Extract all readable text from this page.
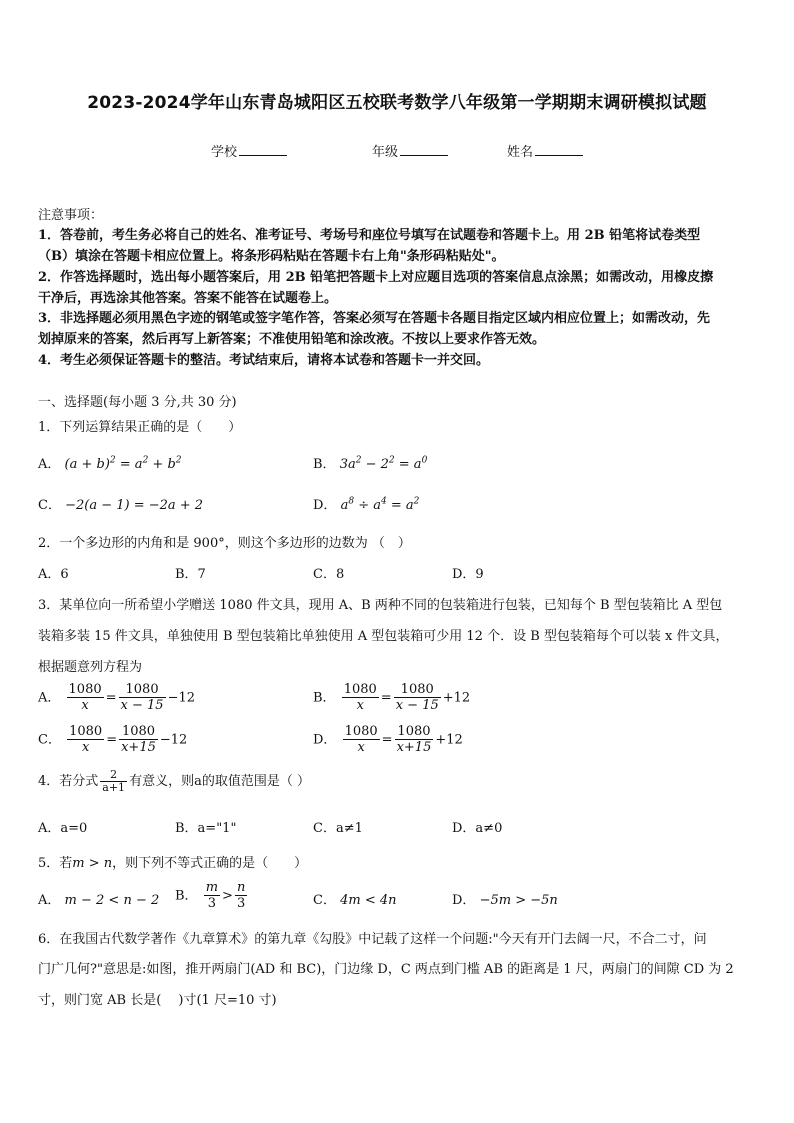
2023-2024学年山东青岛城阳区五校联考数学八年级第一学期期末调研模拟试题
学校	年级	姓名
注意事项：
1．答卷前，考生务必将自己的姓名、准考证号、考场号和座位号填写在试题卷和答题卡上。用 2B 铅笔将试卷类型
（B）填涂在答题卡相应位置上。将条形码粘贴在答题卡右上角"条形码粘贴处"。
2．作答选择题时，选出每小题答案后，用 2B 铅笔把答题卡上对应题目选项的答案信息点涂黑；如需改动，用橡皮擦
干净后，再选涂其他答案。答案不能答在试题卷上。
3．非选择题必须用黑色字迹的钢笔或签字笔作答，答案必须写在答题卡各题目指定区域内相应位置上；如需改动，先
划掉原来的答案，然后再写上新答案；不准使用铅笔和涂改液。不按以上要求作答无效。
4．考生必须保证答题卡的整洁。考试结束后，请将本试卷和答题卡一并交回。
一、选择题(每小题 3 分,共 30 分)
1．下列运算结果正确的是（　　）
A． $(a + b)^2 = a^2 + b^2$	B． $3a^2 - 2^2 = a^0$
C． −2(a − 1) = −2a + 2	D． $a^8 \div a^4 = a^2$
2．一个多边形的内角和是 900°，则这个多边形的边数为 （　）
A．6	B．7	C．8	D．9
3．某单位向一所希望小学赠送 1080 件文具，现用 A、B 两种不同的包装箱进行包装，已知每个 B 型包装箱比 A 型包
装箱多装 15 件文具，单独使用 B 型包装箱比单独使用 A 型包装箱可少用 12 个．设 B 型包装箱每个可以装 x 件文具，
根据题意列方程为
A． $\frac{1080}{x} = \frac{1080}{x - 15} -12$	B． $\frac{1080}{x} = \frac{1080}{x - 15} +12$
C． $\frac{1080}{x} = \frac{1080}{x+15} -12$	D． $\frac{1080}{x} = \frac{1080}{x+15} +12$
4．若分式 $\frac{2}{a+1}$ 有意义，则a的取值范围是（ ）
A．a=0	B．a="1"	C．a≠1	D．a≠0
5．若m > n，则下列不等式正确的是（　　）
A． m − 2 < n − 2 B． $\frac{m}{3} > \frac{n}{3}$	C． 4m < 4n	D． −5m > −5n
6．在我国古代数学著作《九章算术》的第九章《勾股》中记载了这样一个问题:"今天有开门去阔一尺，不合二寸，问
门广几何?"意思是:如图，推开两扇门(AD 和 BC)，门边缘 D，C 两点到门槛 AB 的距离是 1 尺，两扇门的间隙 CD 为 2
寸，则门宽 AB 长是(　 )寸(1 尺=10 寸)
